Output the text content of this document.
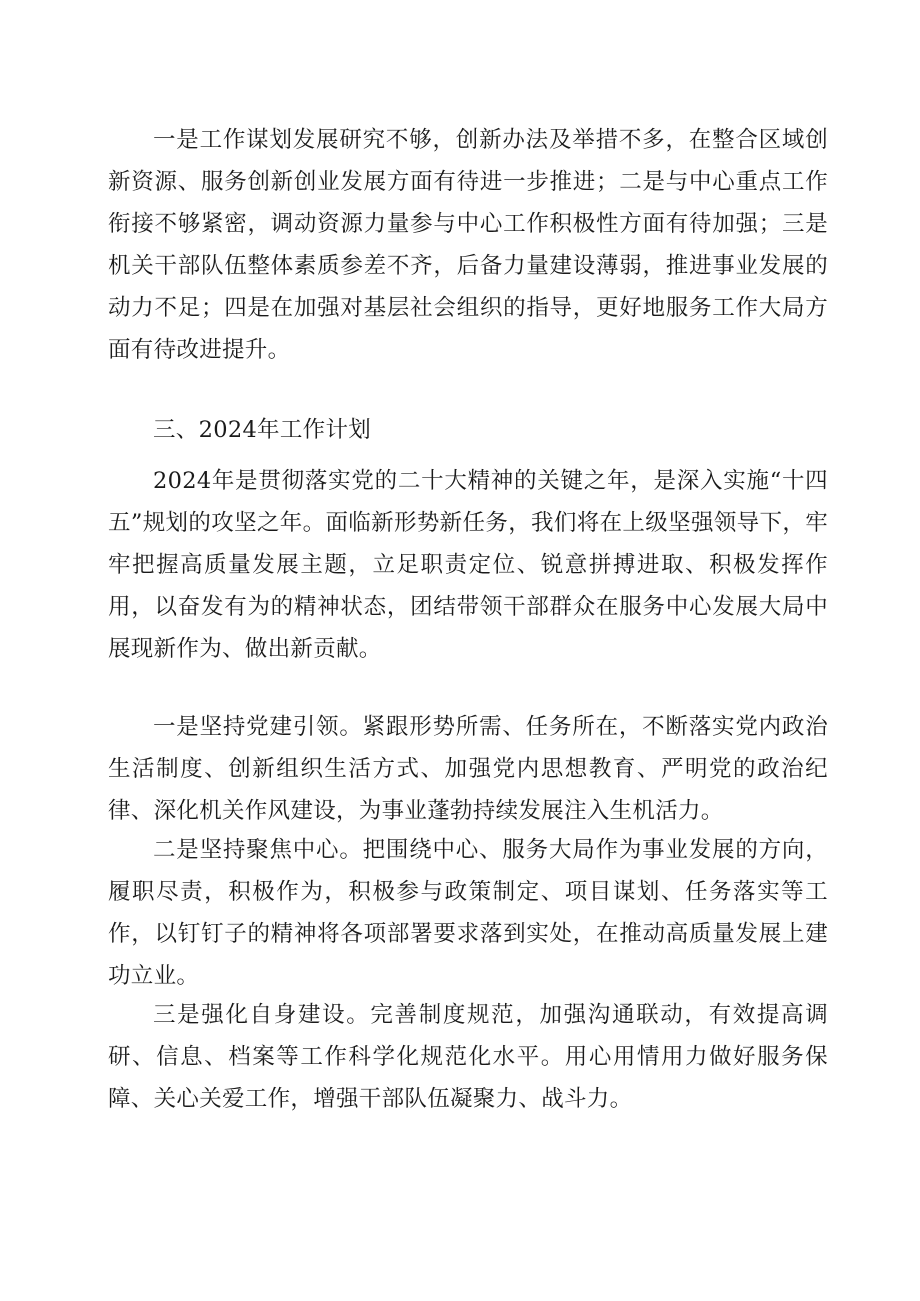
一是工作谋划发展研究不够，创新办法及举措不多，在整合区域创新资源、服务创新创业发展方面有待进一步推进；二是与中心重点工作衔接不够紧密，调动资源力量参与中心工作积极性方面有待加强；三是机关干部队伍整体素质参差不齐，后备力量建设薄弱，推进事业发展的动力不足；四是在加强对基层社会组织的指导，更好地服务工作大局方面有待改进提升。

三、2024年工作计划

2024年是贯彻落实党的二十大精神的关键之年，是深入实施“十四五”规划的攻坚之年。面临新形势新任务，我们将在上级坚强领导下，牢牢把握高质量发展主题，立足职责定位、锐意拼搏进取、积极发挥作用，以奋发有为的精神状态，团结带领干部群众在服务中心发展大局中展现新作为、做出新贡献。

一是坚持党建引领。紧跟形势所需、任务所在，不断落实党内政治生活制度、创新组织生活方式、加强党内思想教育、严明党的政治纪律、深化机关作风建设，为事业蓬勃持续发展注入生机活力。

二是坚持聚焦中心。把围绕中心、服务大局作为事业发展的方向，履职尽责，积极作为，积极参与政策制定、项目谋划、任务落实等工作，以钉钉子的精神将各项部署要求落到实处，在推动高质量发展上建功立业。

三是强化自身建设。完善制度规范，加强沟通联动，有效提高调研、信息、档案等工作科学化规范化水平。用心用情用力做好服务保障、关心关爱工作，增强干部队伍凝聚力、战斗力。
